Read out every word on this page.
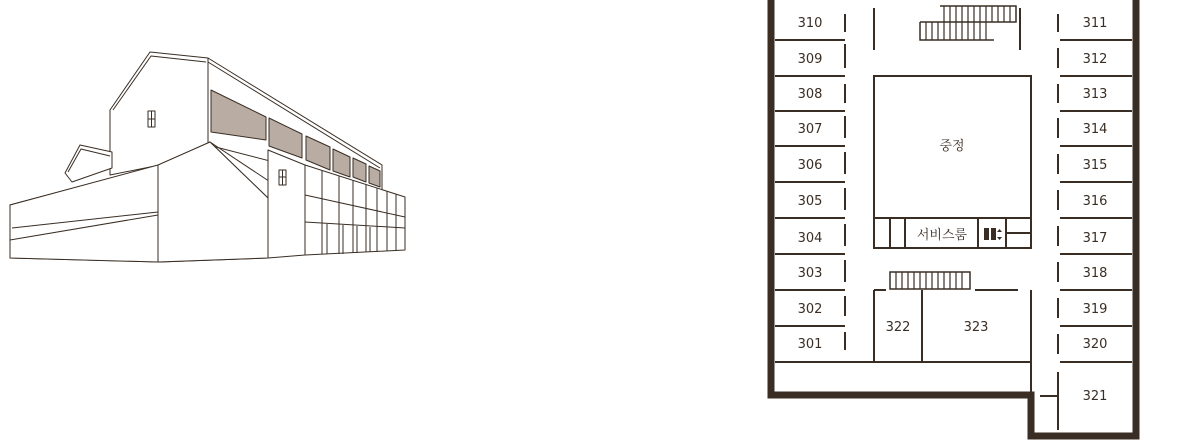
310
309
308
307
306
305
304
303
302
301
311
312
313
314
315
316
317
318
319
320
중정
서비스룸
322	323
321
